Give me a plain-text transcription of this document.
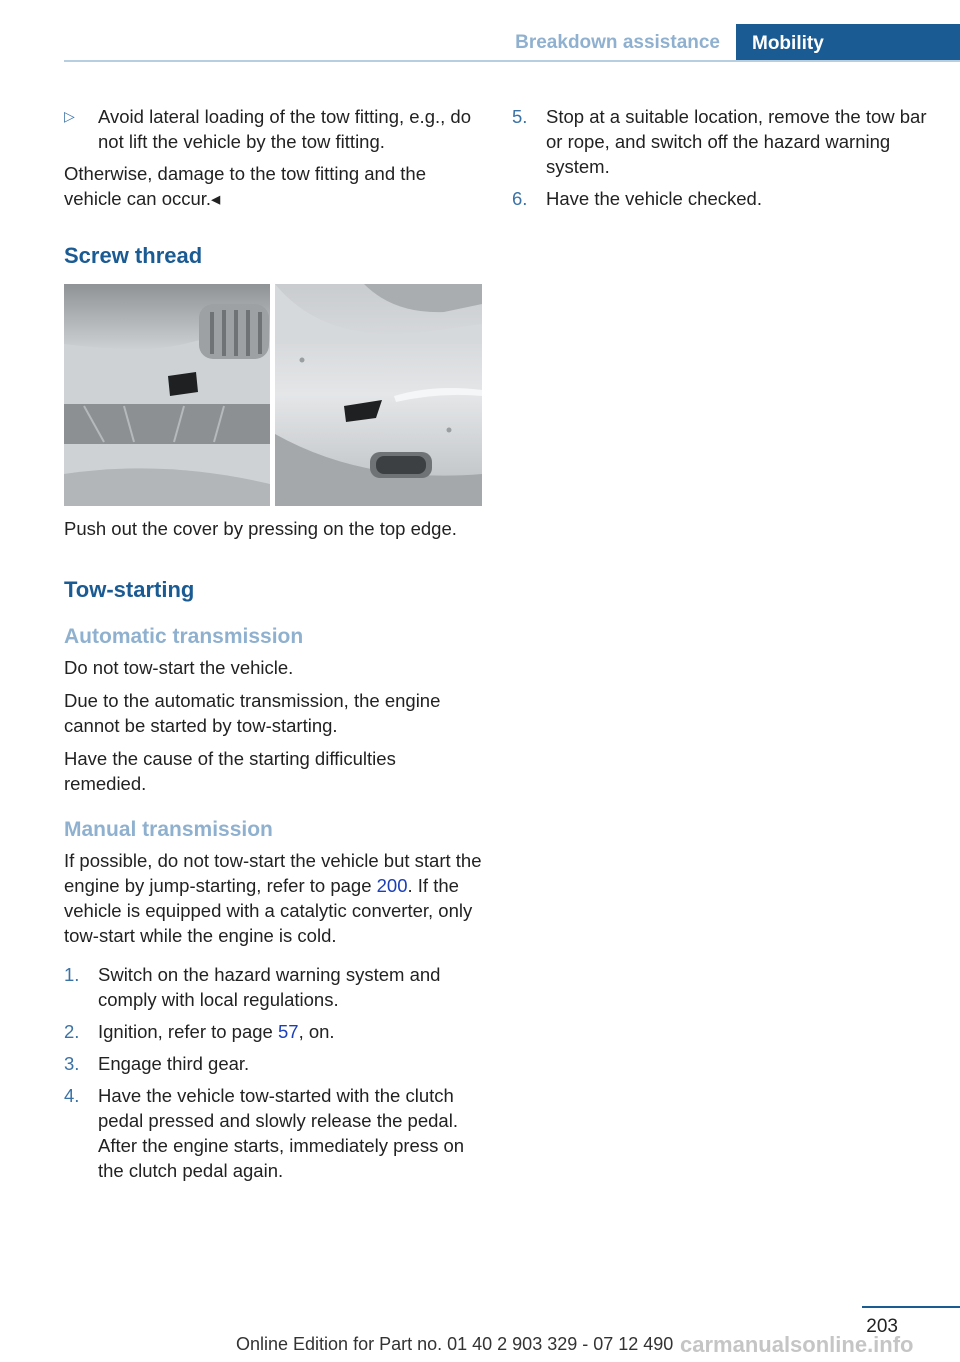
Breakdown assistance	Mobility
▷	Avoid lateral loading of the tow fitting, e.g., do not lift the vehicle by the tow fitting.

Otherwise, damage to the tow fitting and the vehicle can occur.◂

Screw thread

Push out the cover by pressing on the top edge.

Tow-starting
Automatic transmission

Do not tow-start the vehicle.

Due to the automatic transmission, the engine cannot be started by tow-starting.

Have the cause of the starting difficulties remedied.

Manual transmission

If possible, do not tow-start the vehicle but start the engine by jump-starting, refer to page 200. If the vehicle is equipped with a catalytic converter, only tow-start while the engine is cold.

1.	Switch on the hazard warning system and comply with local regulations.

2.	Ignition, refer to page 57, on.

3.	Engage third gear.

4.	Have the vehicle tow-started with the clutch pedal pressed and slowly release the pedal. After the engine starts, immediately press on the clutch pedal again.

5.	Stop at a suitable location, remove the tow bar or rope, and switch off the hazard warning system.

6.	Have the vehicle checked.

203
Online Edition for Part no. 01 40 2 903 329 - 07 12 490 carmanualsonline.info
